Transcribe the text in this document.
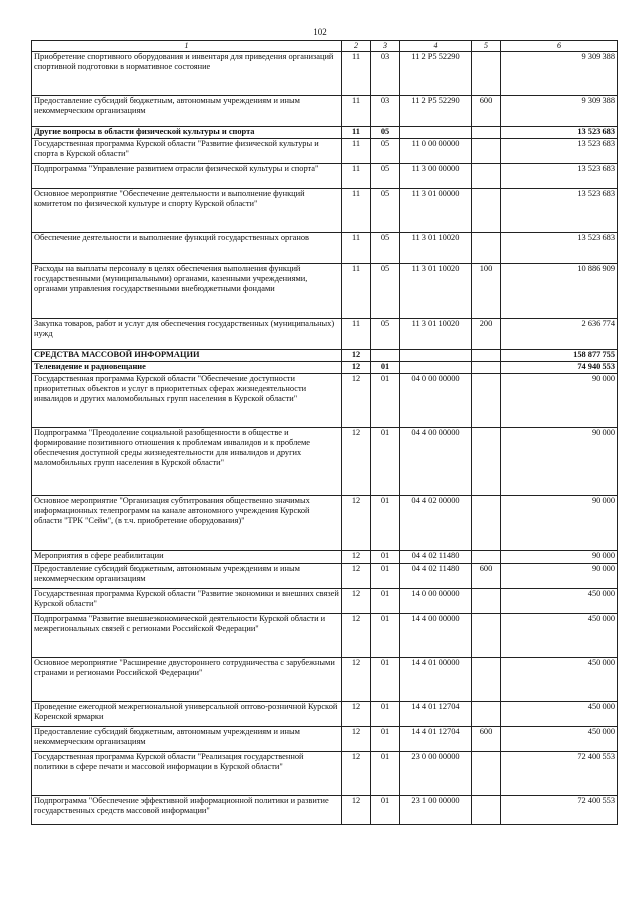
102
1	2	3	4	5	6
Приобретение спортивного оборудования и инвентаря для приведения организаций спортивной подготовки в нормативное состояние	11	03	11 2 Р5 52290		9 309 388
Предоставление субсидий бюджетным, автономным учреждениям и иным некоммерческим организациям	11	03	11 2 Р5 52290	600	9 309 388
Другие вопросы в области физической культуры и спорта	11	05			13 523 683
Государственная программа Курской области "Развитие физической культуры и спорта в Курской области"	11	05	11 0 00 00000		13 523 683
Подпрограмма "Управление развитием отрасли физической культуры и спорта"	11	05	11 3 00 00000		13 523 683
Основное мероприятие "Обеспечение деятельности и выполнение функций комитетом по физической культуре и спорту Курской области"	11	05	11 3 01 00000		13 523 683
Обеспечение деятельности и выполнение функций государственных органов	11	05	11 3 01 10020		13 523 683
Расходы на выплаты персоналу в целях обеспечения выполнения функций государственными (муниципальными) органами, казенными учреждениями, органами управления государственными внебюджетными фондами	11	05	11 3 01 10020	100	10 886 909
Закупка товаров, работ и услуг для обеспечения государственных (муниципальных) нужд	11	05	11 3 01 10020	200	2 636 774
СРЕДСТВА МАССОВОЙ ИНФОРМАЦИИ	12				158 877 755
Телевидение и радиовещание	12	01			74 940 553
Государственная программа Курской области "Обеспечение доступности приоритетных объектов и услуг в приоритетных сферах жизнедеятельности инвалидов и других маломобильных групп населения в Курской области"	12	01	04 0 00 00000		90 000
Подпрограмма "Преодоление социальной разобщенности в обществе и формирование позитивного отношения к проблемам инвалидов и к проблеме обеспечения доступной среды жизнедеятельности для инвалидов и других маломобильных групп населения в Курской области"	12	01	04 4 00 00000		90 000
Основное мероприятие "Организация субтитрования общественно значимых информационных телепрограмм на канале автономного учреждения Курской области "ТРК "Сейм", (в т.ч. приобретение оборудования)"	12	01	04 4 02 00000		90 000
Мероприятия в сфере реабилитации	12	01	04 4 02 11480		90 000
Предоставление субсидий бюджетным, автономным учреждениям и иным некоммерческим организациям	12	01	04 4 02 11480	600	90 000
Государственная программа Курской области "Развитие экономики и внешних связей Курской области"	12	01	14 0 00 00000		450 000
Подпрограмма "Развитие внешнеэкономической деятельности Курской области и межрегиональных связей с регионами Российской Федерации"	12	01	14 4 00 00000		450 000
Основное мероприятие "Расширение двустороннего сотрудничества с зарубежными странами и регионами Российской Федерации"	12	01	14 4 01 00000		450 000
Проведение ежегодной межрегиональной универсальной оптово-розничной Курской Коренской ярмарки	12	01	14 4 01 12704		450 000
Предоставление субсидий бюджетным, автономным учреждениям и иным некоммерческим организациям	12	01	14 4 01 12704	600	450 000
Государственная программа Курской области "Реализация государственной политики в сфере печати и массовой информации в Курской области"	12	01	23 0 00 00000		72 400 553
Подпрограмма "Обеспечение эффективной информационной политики и развитие государственных средств массовой информации"	12	01	23 1 00 00000		72 400 553
